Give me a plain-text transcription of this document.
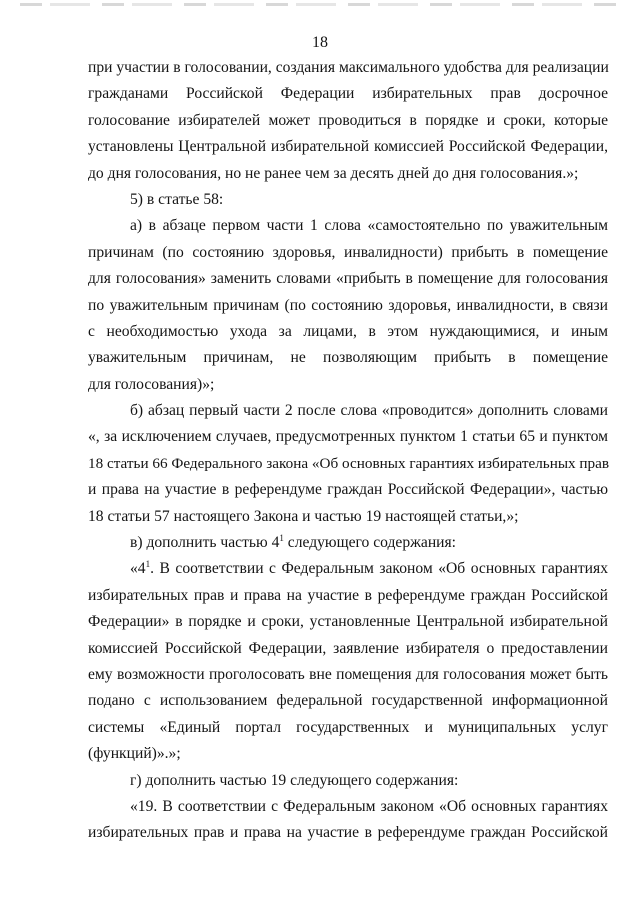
18
при участии в голосовании, создания максимального удобства для реализации
гражданами Российской Федерации избирательных прав досрочное
голосование избирателей может проводиться в порядке и сроки, которые
установлены Центральной избирательной комиссией Российской Федерации,
до дня голосования, но не ранее чем за десять дней до дня голосования.»;
5) в статье 58:
а) в абзаце первом части 1 слова «самостоятельно по уважительным
причинам (по состоянию здоровья, инвалидности) прибыть в помещение
для голосования» заменить словами «прибыть в помещение для голосования
по уважительным причинам (по состоянию здоровья, инвалидности, в связи
с необходимостью ухода за лицами, в этом нуждающимися, и иным
уважительным причинам, не позволяющим прибыть в помещение
для голосования)»;
б) абзац первый части 2 после слова «проводится» дополнить словами
«, за исключением случаев, предусмотренных пунктом 1 статьи 65 и пунктом
18 статьи 66 Федерального закона «Об основных гарантиях избирательных прав
и права на участие в референдуме граждан Российской Федерации», частью
18 статьи 57 настоящего Закона и частью 19 настоящей статьи,»;
в) дополнить частью $4^1$ следующего содержания:
«$4^1$. В соответствии с Федеральным законом «Об основных гарантиях
избирательных прав и права на участие в референдуме граждан Российской
Федерации» в порядке и сроки, установленные Центральной избирательной
комиссией Российской Федерации, заявление избирателя о предоставлении
ему возможности проголосовать вне помещения для голосования может быть
подано с использованием федеральной государственной информационной
системы «Единый портал государственных и муниципальных услуг
(функций)».»;
г) дополнить частью 19 следующего содержания:
«19. В соответствии с Федеральным законом «Об основных гарантиях
избирательных прав и права на участие в референдуме граждан Российской
